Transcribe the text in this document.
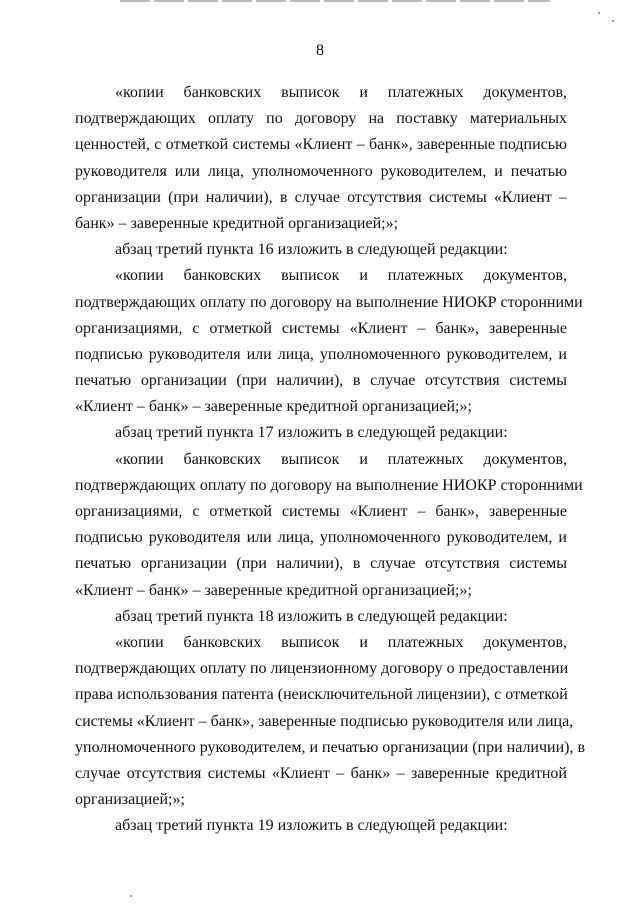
8
«копии банковских выписок и платежных документов,
подтверждающих оплату по договору на поставку материальных
ценностей, с отметкой системы «Клиент – банк», заверенные подписью
руководителя или лица, уполномоченного руководителем, и печатью
организации (при наличии), в случае отсутствия системы «Клиент –
банк» – заверенные кредитной организацией;»;
абзац третий пункта 16 изложить в следующей редакции:
«копии банковских выписок и платежных документов,
подтверждающих оплату по договору на выполнение НИОКР сторонними
организациями, с отметкой системы «Клиент – банк», заверенные
подписью руководителя или лица, уполномоченного руководителем, и
печатью организации (при наличии), в случае отсутствия системы
«Клиент – банк» – заверенные кредитной организацией;»;
абзац третий пункта 17 изложить в следующей редакции:
«копии банковских выписок и платежных документов,
подтверждающих оплату по договору на выполнение НИОКР сторонними
организациями, с отметкой системы «Клиент – банк», заверенные
подписью руководителя или лица, уполномоченного руководителем, и
печатью организации (при наличии), в случае отсутствия системы
«Клиент – банк» – заверенные кредитной организацией;»;
абзац третий пункта 18 изложить в следующей редакции:
«копии банковских выписок и платежных документов,
подтверждающих оплату по лицензионному договору о предоставлении
права использования патента (неисключительной лицензии), с отметкой
системы «Клиент – банк», заверенные подписью руководителя или лица,
уполномоченного руководителем, и печатью организации (при наличии), в
случае отсутствия системы «Клиент – банк» – заверенные кредитной
организацией;»;
абзац третий пункта 19 изложить в следующей редакции:
